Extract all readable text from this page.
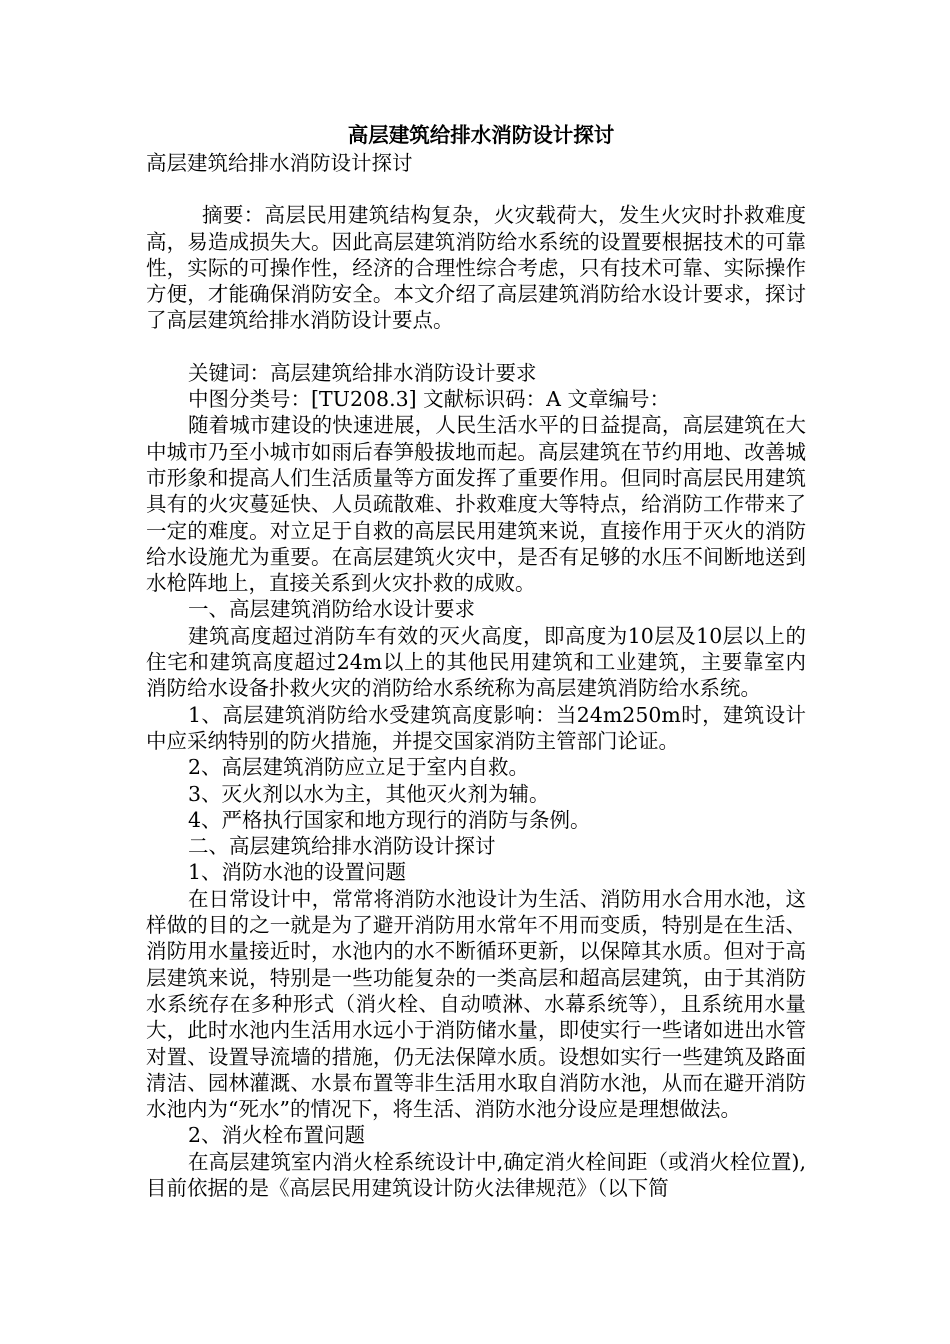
高层建筑给排水消防设计探讨

高层建筑给排水消防设计探讨

摘要：高层民用建筑结构复杂，火灾载荷大，发生火灾时扑救难度高，易造成损失大。因此高层建筑消防给水系统的设置要根据技术的可靠性，实际的可操作性，经济的合理性综合考虑，只有技术可靠、实际操作方便，才能确保消防安全。本文介绍了高层建筑消防给水设计要求，探讨了高层建筑给排水消防设计要点。

关键词：高层建筑给排水消防设计要求

中图分类号：[TU208.3] 文献标识码：A 文章编号：

随着城市建设的快速进展，人民生活水平的日益提高，高层建筑在大中城市乃至小城市如雨后春笋般拔地而起。高层建筑在节约用地、改善城市形象和提高人们生活质量等方面发挥了重要作用。但同时高层民用建筑具有的火灾蔓延快、人员疏散难、扑救难度大等特点，给消防工作带来了一定的难度。对立足于自救的高层民用建筑来说，直接作用于灭火的消防给水设施尤为重要。在高层建筑火灾中，是否有足够的水压不间断地送到水枪阵地上，直接关系到火灾扑救的成败。

一、高层建筑消防给水设计要求

建筑高度超过消防车有效的灭火高度，即高度为10层及10层以上的住宅和建筑高度超过24m以上的其他民用建筑和工业建筑，主要靠室内消防给水设备扑救火灾的消防给水系统称为高层建筑消防给水系统。

1、高层建筑消防给水受建筑高度影响：当24m250m时，建筑设计中应采纳特别的防火措施，并提交国家消防主管部门论证。

2、高层建筑消防应立足于室内自救。

3、灭火剂以水为主，其他灭火剂为辅。

4、严格执行国家和地方现行的消防与条例。

二、高层建筑给排水消防设计探讨

1、消防水池的设置问题

在日常设计中，常常将消防水池设计为生活、消防用水合用水池，这样做的目的之一就是为了避开消防用水常年不用而变质，特别是在生活、消防用水量接近时，水池内的水不断循环更新，以保障其水质。但对于高层建筑来说，特别是一些功能复杂的一类高层和超高层建筑，由于其消防水系统存在多种形式（消火栓、自动喷淋、水幕系统等），且系统用水量大，此时水池内生活用水远小于消防储水量，即使实行一些诸如进出水管对置、设置导流墙的措施，仍无法保障水质。设想如实行一些建筑及路面清洁、园林灌溉、水景布置等非生活用水取自消防水池，从而在避开消防水池内为“死水”的情况下，将生活、消防水池分设应是理想做法。

2、消火栓布置问题

在高层建筑室内消火栓系统设计中,确定消火栓间距（或消火栓位置),目前依据的是《高层民用建筑设计防火法律规范》（以下简
